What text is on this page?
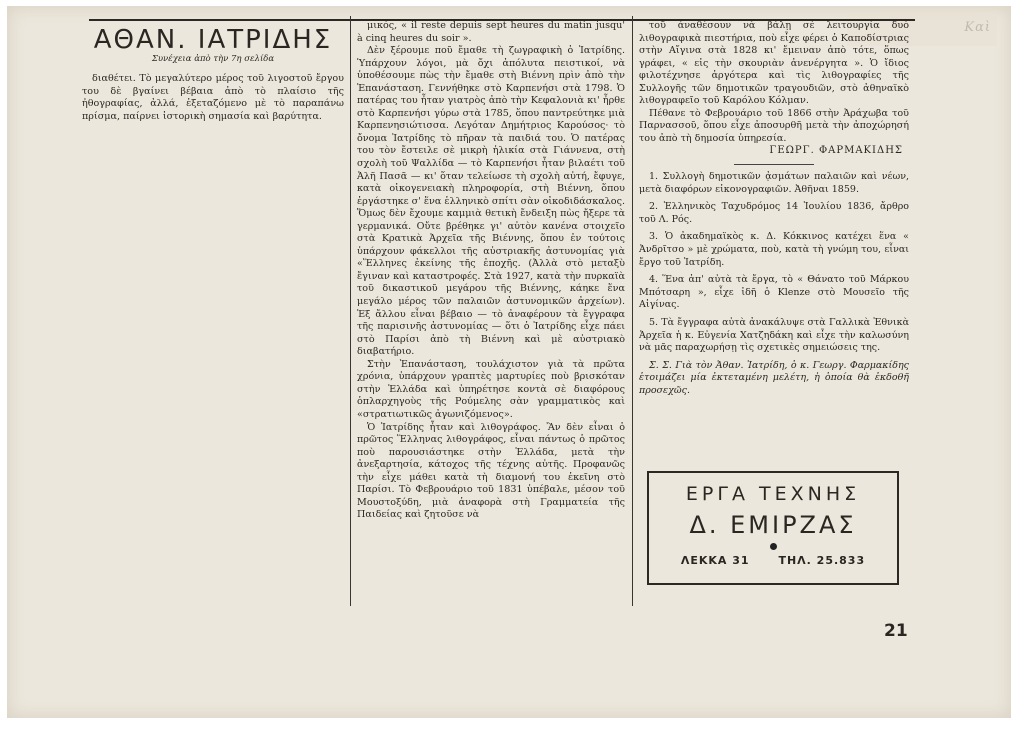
Καὶ
ΑΘΑΝ. ΙΑΤΡΙΔΗΣ
Συνέχεια ἀπὸ τὴν 7η σελίδα

διαθέτει. Τὸ μεγαλύτερο μέρος τοῦ λιγοστοῦ ἔργου του δὲ βγαίνει βέβαια ἀπὸ τὸ πλαίσιο τῆς ἠθογραφίας, ἀλλά, ἐξεταζόμενο μὲ τὸ παραπάνω πρίσμα, παίρνει ἱστορικὴ σημασία καὶ βαρύτητα.

μικός, « il reste depuis sept heures du matin jusqu' à cinq heures du soir ».

Δὲν ξέρουμε ποῦ ἔμαθε τὴ ζωγραφικὴ ὁ Ἰατρίδης. Ὑπάρχουν λόγοι, μὰ ὄχι ἀπόλυτα πειστικοί, νὰ ὑποθέσουμε πὼς τὴν ἔμαθε στὴ Βιέννη πρὶν ἀπὸ τὴν Ἐπανάσταση. Γεννήθηκε στὸ Καρπενήσι στὰ 1798. Ὁ πατέρας του ἦταν γιατρὸς ἀπὸ τὴν Κεφαλονιὰ κι' ἦρθε στὸ Καρπενήσι γύρω στὰ 1785, ὅπου παντρεύτηκε μιὰ Καρπενησιώτισσα. Λεγόταν Δημήτριος Καρούσος· τὸ ὄνομα Ἰατρίδης τὸ πῆραν τὰ παιδιά του. Ὁ πατέρας του τὸν ἔστειλε σὲ μικρὴ ἡλικία στὰ Γιάννενα, στὴ σχολὴ τοῦ Ψαλλίδα — τὸ Καρπενήσι ἦταν βιλαέτι τοῦ Ἀλῆ Πασᾶ — κι' ὅταν τελείωσε τὴ σχολὴ αὐτή, ἔφυγε, κατὰ οἰκογενειακὴ πληροφορία, στὴ Βιέννη, ὅπου ἐργάστηκε σ' ἕνα ἑλληνικὸ σπίτι σὰν οἰκοδιδάσκαλος. Ὅμως δὲν ἔχουμε καμμιὰ θετικὴ ἔνδειξη πὼς ἤξερε τὰ γερμανικά. Οὔτε βρέθηκε γι' αὐτὸν κανένα στοιχεῖο στὰ Κρατικὰ Ἀρχεῖα τῆς Βιέννης, ὅπου ἐν τούτοις ὑπάρχουν φάκελλοι τῆς αὐστριακῆς ἀστυνομίας γιὰ «Ἕλληνες ἐκείνης τῆς ἐποχῆς. (Ἀλλὰ στὸ μεταξὺ ἔγιναν καὶ καταστροφές. Στὰ 1927, κατὰ τὴν πυρκαϊὰ τοῦ δικαστικοῦ μεγάρου τῆς Βιέννης, κάηκε ἕνα μεγάλο μέρος τῶν παλαιῶν ἀστυνομικῶν ἀρχείων). Ἐξ ἄλλου εἶναι βέβαιο — τὸ ἀναφέρουν τὰ ἔγγραφα τῆς παρισινῆς ἀστυνομίας — ὅτι ὁ Ἰατρίδης εἶχε πάει στὸ Παρίσι ἀπὸ τὴ Βιέννη καὶ μὲ αὐστριακὸ διαβατήριο.

Στὴν Ἐπανάσταση, τουλάχιστον γιὰ τὰ πρῶτα χρόνια, ὑπάρχουν γραπτὲς μαρτυρίες ποὺ βρισκόταν στὴν Ἑλλάδα καὶ ὑπηρέτησε κοντὰ σὲ διαφόρους ὁπλαρχηγοὺς τῆς Ρούμελης σὰν γραμματικὸς καὶ «στρατιωτικῶς ἀγωνιζόμενος».

Ὁ Ἰατρίδης ἦταν καὶ λιθογράφος. Ἂν δὲν εἶναι ὁ πρῶτος Ἕλληνας λιθογράφος, εἶναι πάντως ὁ πρῶτος ποὺ παρουσιάστηκε στὴν Ἑλλάδα, μετὰ τὴν ἀνεξαρτησία, κάτοχος τῆς τέχνης αὐτῆς. Προφανῶς τὴν εἶχε μάθει κατὰ τὴ διαμονή του ἐκεῖνη στὸ Παρίσι. Τὸ Φεβρουάριο τοῦ 1831 ὑπέβαλε, μέσον τοῦ Μουστοξύδη, μιὰ ἀναφορὰ στὴ Γραμματεία τῆς Παιδείας καὶ ζητοῦσε νὰ

τοῦ ἀναθέσουν νὰ βάλῃ σὲ λειτουργία δυὸ λιθογραφικὰ πιεστήρια, ποὺ εἶχε φέρει ὁ Καποδίστριας στὴν Αἴγινα στὰ 1828 κι' ἔμειναν ἀπὸ τότε, ὅπως γράφει, « εἰς τὴν σκουριὰν ἀνενέργητα ». Ὁ ἴδιος φιλοτέχνησε ἀργότερα καὶ τὶς λιθογραφίες τῆς Συλλογῆς τῶν δημοτικῶν τραγουδιῶν, στὸ ἀθηναϊκὸ λιθογραφεῖο τοῦ Καρόλου Κόλμαν.

Πέθανε τὸ Φεβρουάριο τοῦ 1866 στὴν Ἀράχωβα τοῦ Παρνασσοῦ, ὅπου εἶχε ἀποσυρθῆ μετὰ τὴν ἀποχώρησή του ἀπὸ τὴ δημοσία ὑπηρεσία.

ΓΕΩΡΓ. ΦΑΡΜΑΚΙΔΗΣ

1. Συλλογὴ δημοτικῶν ᾀσμάτων παλαιῶν καὶ νέων, μετὰ διαφόρων εἰκονογραφιῶν. Ἀθῆναι 1859.

2. Ἑλληνικὸς Ταχυδρόμος 14 Ἰουλίου 1836, ἄρθρο τοῦ Λ. Ρός.

3. Ὁ ἀκαδημαϊκὸς κ. Δ. Κόκκινος κατέχει ἕνα « Ἀνδρῖτσο » μὲ χρώματα, ποὺ, κατὰ τὴ γνώμη του, εἶναι ἔργο τοῦ Ἰατρίδη.

4. Ἕνα ἀπ' αὐτὰ τὰ ἔργα, τὸ « Θάνατο τοῦ Μάρκου Μπότσαρη », εἶχε ἰδῆ ὁ Klenze στὸ Μουσεῖο τῆς Αἰγίνας.

5. Τὰ ἔγγραφα αὐτὰ ἀνακάλυψε στὰ Γαλλικὰ Ἐθνικὰ Ἀρχεῖα ἡ κ. Εὐγενία Χατζηδάκη καὶ εἶχε τὴν καλωσύνη νὰ μᾶς παραχωρήσῃ τὶς σχετικὲς σημειώσεις της.

Σ. Σ. Γιὰ τὸν Ἀθαν. Ἰατρίδη, ὁ κ. Γεωργ. Φαρμακίδης ἑτοιμάζει μία ἐκτεταμένη μελέτη, ἡ ὁποία θὰ ἐκδοθῆ προσεχῶς.

ΕΡΓΑ ΤΕΧΝΗΣ
Δ. ΕΜΙΡΖΑΣ
ΛΕΚΚΑ 31	ΤΗΛ. 25.833
21
